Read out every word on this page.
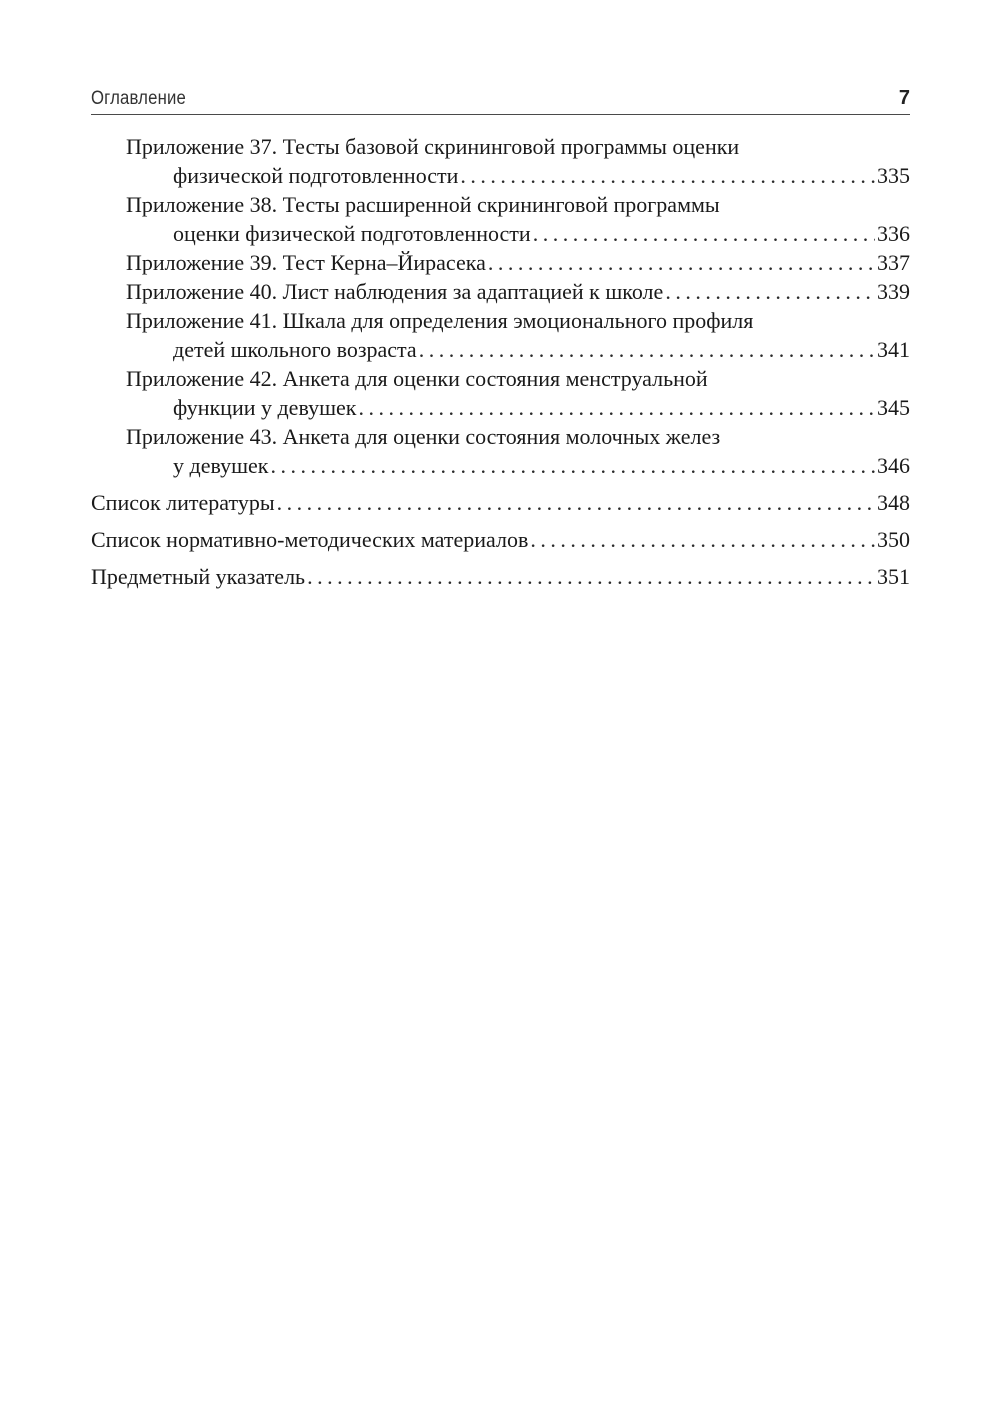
Оглавление	7
Приложение 37. Тесты базовой скрининговой программы оценки
физической подготовленности . . .	335
Приложение 38. Тесты расширенной скрининговой программы
оценки физической подготовленности . . .	336
Приложение 39. Тест Керна–Йирасека . . .	337
Приложение 40. Лист наблюдения за адаптацией к школе . . .	339
Приложение 41. Шкала для определения эмоционального профиля
детей школьного возраста . . .	341
Приложение 42. Анкета для оценки состояния менструальной
функции у девушек . . .	345
Приложение 43. Анкета для оценки состояния молочных желез
у девушек . . .	346
Список литературы . . .	348
Список нормативно-методических материалов . . .	350
Предметный указатель . . .	351
